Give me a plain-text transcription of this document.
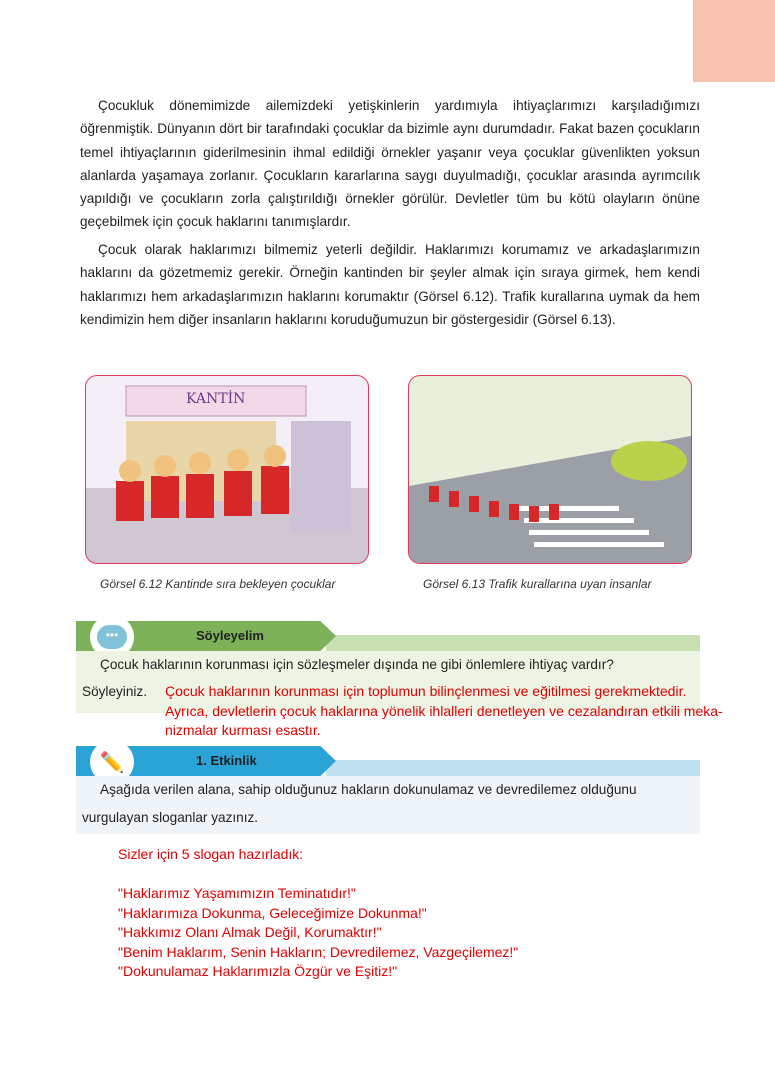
Çocukluk dönemimizde ailemizdeki yetişkinlerin yardımıyla ihtiyaçlarımızı karşıladığımızı öğrenmiştik. Dünyanın dört bir tarafındaki çocuklar da bizimle aynı durumdadır. Fakat bazen çocukların temel ihtiyaçlarının giderilmesinin ihmal edildiği örnekler yaşanır veya çocuklar güvenlikten yoksun alanlarda yaşamaya zorlanır. Çocukların kararlarına saygı duyulmadığı, çocuklar arasında ayrımcılık yapıldığı ve çocukların zorla çalıştırıldığı örnekler görülür. Devletler tüm bu kötü olayların önüne geçebilmek için çocuk haklarını tanımışlardır.

Çocuk olarak haklarımızı bilmemiz yeterli değildir. Haklarımızı korumamız ve arkadaşlarımızın haklarını da gözetmemiz gerekir. Örneğin kantinden bir şeyler almak için sıraya girmek, hem kendi haklarımızı hem arkadaşlarımızın haklarını korumaktır (Görsel 6.12). Trafik kurallarına uymak da hem kendimizin hem diğer insanların haklarını koruduğumuzun bir göstergesidir (Görsel 6.13).

KANTİN
Görsel 6.12 Kantinde sıra bekleyen çocuklar	Görsel 6.13 Trafik kurallarına uyan insanlar
•••	Söyleyelim
Çocuk haklarının korunması için sözleşmeler dışında ne gibi önlemlere ihtiyaç vardır?
Söyleyiniz.	Çocuk haklarının korunması için toplumun bilinçlenmesi ve eğitilmesi gerekmektedir.
Ayrıca, devletlerin çocuk haklarına yönelik ihlalleri denetleyen ve cezalandıran etkili meka-
nizmalar kurması esastır.
✏️	1. Etkinlik
Aşağıda verilen alana, sahip olduğunuz hakların dokunulamaz ve devredilemez olduğunu vurgulayan sloganlar yazınız.
Sizler için 5 slogan hazırladık:
"Haklarımız Yaşamımızın Teminatıdır!"
"Haklarımıza Dokunma, Geleceğimize Dokunma!"
"Hakkımız Olanı Almak Değil, Korumaktır!"
"Benim Haklarım, Senin Hakların; Devredilemez, Vazgeçilemez!"
"Dokunulamaz Haklarımızla Özgür ve Eşitiz!"
